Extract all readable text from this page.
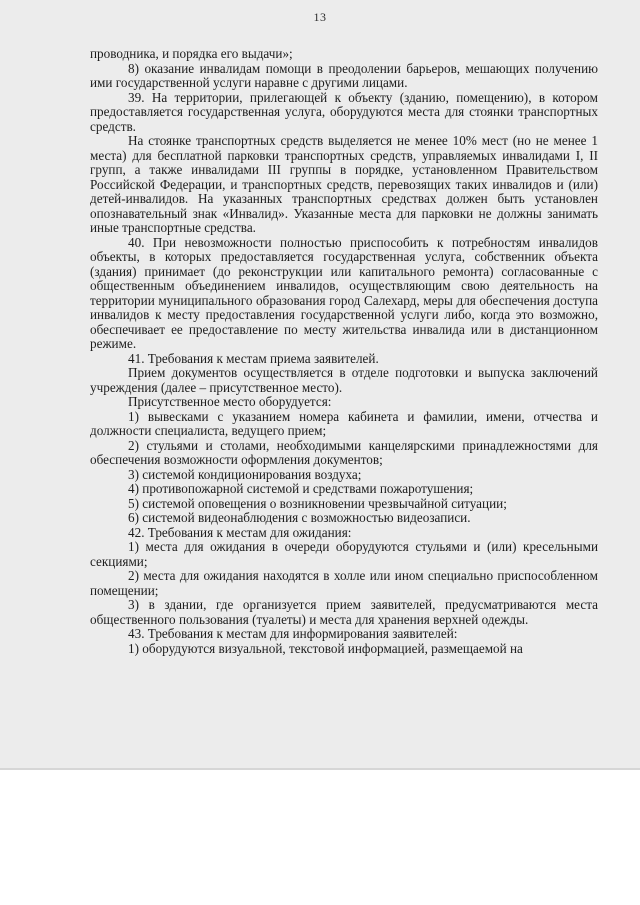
13

проводника, и порядка его выдачи»;

8) оказание инвалидам помощи в преодолении барьеров, мешающих получению ими государственной услуги наравне с другими лицами.

39. На территории, прилегающей к объекту (зданию, помещению), в котором предоставляется государственная услуга, оборудуются места для стоянки транспортных средств.

На стоянке транспортных средств выделяется не менее 10% мест (но не менее 1 места) для бесплатной парковки транспортных средств, управляемых инвалидами I, II групп, а также инвалидами III группы в порядке, установленном Правительством Российской Федерации, и транспортных средств, перевозящих таких инвалидов и (или) детей-инвалидов. На указанных транспортных средствах должен быть установлен опознавательный знак «Инвалид». Указанные места для парковки не должны занимать иные транспортные средства.

40. При невозможности полностью приспособить к потребностям инвалидов объекты, в которых предоставляется государственная услуга, собственник объекта (здания) принимает (до реконструкции или капитального ремонта) согласованные с общественным объединением инвалидов, осуществляющим свою деятельность на территории муниципального образования город Салехард, меры для обеспечения доступа инвалидов к месту предоставления государственной услуги либо, когда это возможно, обеспечивает ее предоставление по месту жительства инвалида или в дистанционном режиме.

41. Требования к местам приема заявителей.

Прием документов осуществляется в отделе подготовки и выпуска заключений учреждения (далее – присутственное место).

Присутственное место оборудуется:

1) вывесками с указанием номера кабинета и фамилии, имени, отчества и должности специалиста, ведущего прием;

2) стульями и столами, необходимыми канцелярскими принадлежностями для обеспечения возможности оформления документов;

3) системой кондиционирования воздуха;

4) противопожарной системой и средствами пожаротушения;

5) системой оповещения о возникновении чрезвычайной ситуации;

6) системой видеонаблюдения с возможностью видеозаписи.

42. Требования к местам для ожидания:

1) места для ожидания в очереди оборудуются стульями и (или) кресельными секциями;

2) места для ожидания находятся в холле или ином специально приспособленном помещении;

3) в здании, где организуется прием заявителей, предусматриваются места общественного пользования (туалеты) и места для хранения верхней одежды.

43. Требования к местам для информирования заявителей:

1) оборудуются визуальной, текстовой информацией, размещаемой на
